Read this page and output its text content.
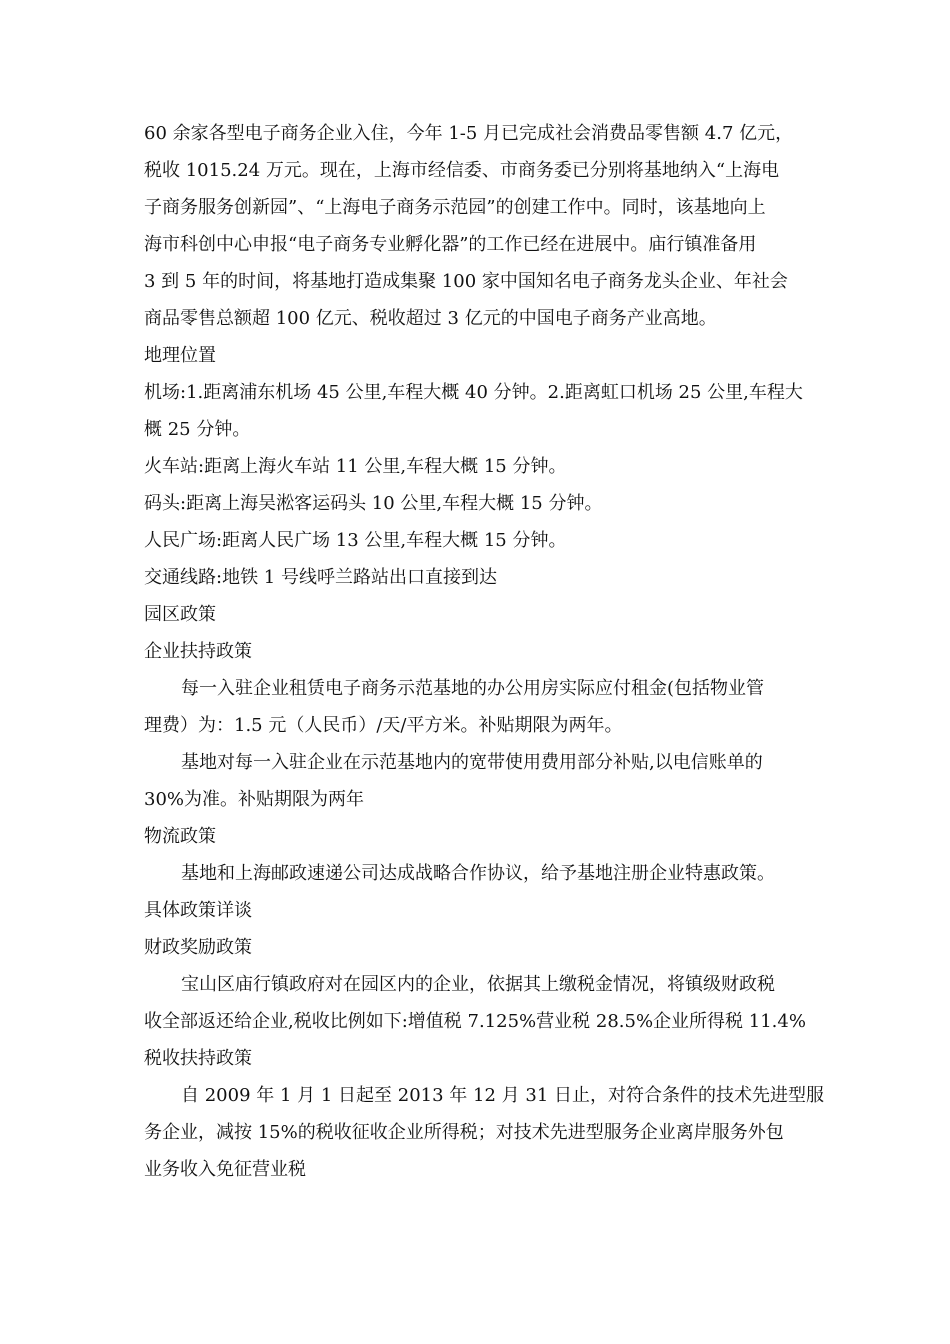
60 余家各型电子商务企业入住，今年 1-5 月已完成社会消费品零售额 4.7 亿元，
税收 1015.24 万元。现在，上海市经信委、市商务委已分别将基地纳入“上海电
子商务服务创新园”、“上海电子商务示范园”的创建工作中。同时，该基地向上
海市科创中心申报“电子商务专业孵化器”的工作已经在进展中。庙行镇准备用
3 到 5 年的时间，将基地打造成集聚 100 家中国知名电子商务龙头企业、年社会
商品零售总额超 100 亿元、税收超过 3 亿元的中国电子商务产业高地。
地理位置
机场:1.距离浦东机场 45 公里,车程大概 40 分钟。2.距离虹口机场 25 公里,车程大
概 25 分钟。
火车站:距离上海火车站 11 公里,车程大概 15 分钟。
码头:距离上海吴淞客运码头 10 公里,车程大概 15 分钟。
人民广场:距离人民广场 13 公里,车程大概 15 分钟。
交通线路:地铁 1 号线呼兰路站出口直接到达
园区政策
企业扶持政策
每一入驻企业租赁电子商务示范基地的办公用房实际应付租金(包括物业管
理费）为：1.5 元（人民币）/天/平方米。补贴期限为两年。
基地对每一入驻企业在示范基地内的宽带使用费用部分补贴,以电信账单的
30%为准。补贴期限为两年
物流政策
基地和上海邮政速递公司达成战略合作协议，给予基地注册企业特惠政策。
具体政策详谈
财政奖励政策
宝山区庙行镇政府对在园区内的企业，依据其上缴税金情况，将镇级财政税
收全部返还给企业,税收比例如下:增值税 7.125%营业税 28.5%企业所得税 11.4%
税收扶持政策
自 2009 年 1 月 1 日起至 2013 年 12 月 31 日止，对符合条件的技术先进型服
务企业，减按 15%的税收征收企业所得税；对技术先进型服务企业离岸服务外包
业务收入免征营业税
